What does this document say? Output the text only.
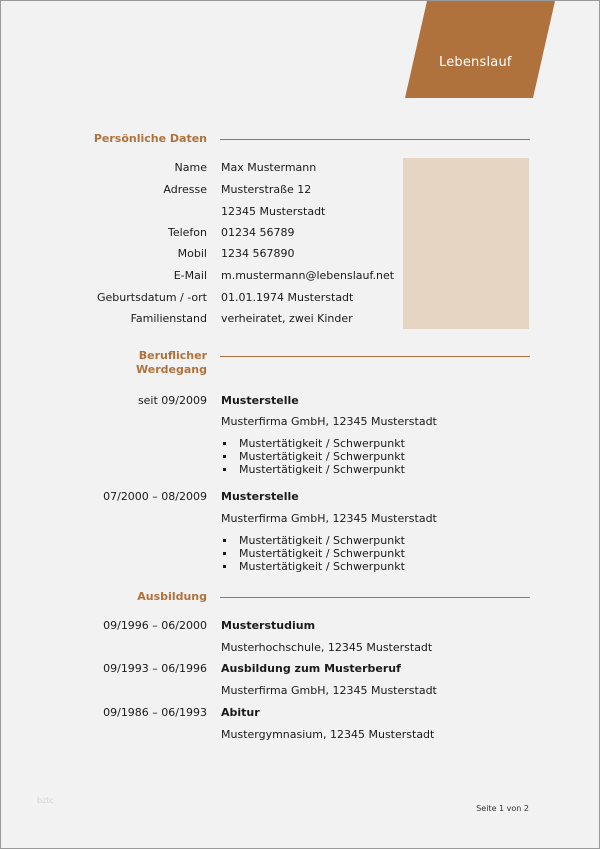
Lebenslauf
Persönliche Daten
Name Max Mustermann
Adresse Musterstraße 12
12345 Musterstadt
Telefon 01234 56789
Mobil 1234 567890
E-Mail m.mustermann@lebenslauf.net
Geburtsdatum / -ort 01.01.1974 Musterstadt
Familienstand verheiratet, zwei Kinder
Beruflicher
Werdegang
seit 09/2009 Musterstelle
Musterfirma GmbH, 12345 Musterstadt
Mustertätigkeit / Schwerpunkt
Mustertätigkeit / Schwerpunkt
Mustertätigkeit / Schwerpunkt
07/2000 – 08/2009 Musterstelle
Musterfirma GmbH, 12345 Musterstadt
Mustertätigkeit / Schwerpunkt
Mustertätigkeit / Schwerpunkt
Mustertätigkeit / Schwerpunkt
Ausbildung
09/1996 – 06/2000 Musterstudium
Musterhochschule, 12345 Musterstadt
09/1993 – 06/1996 Ausbildung zum Musterberuf
Musterfirma GmbH, 12345 Musterstadt
09/1986 – 06/1993 Abitur
Mustergymnasium, 12345 Musterstadt
bztc
Seite 1 von 2
